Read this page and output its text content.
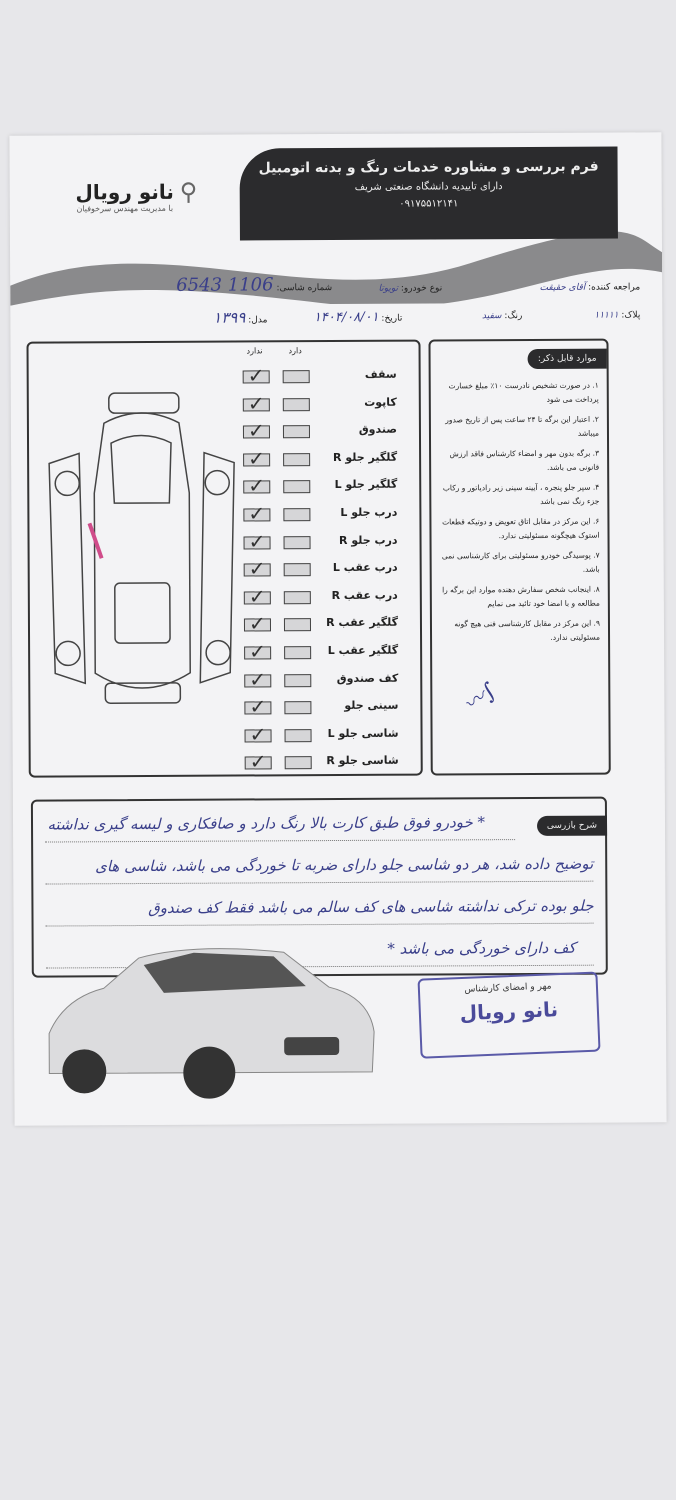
فرم بررسی و مشاوره خدمات رنگ و بدنه اتومبیل
دارای تاییدیه دانشگاه صنعتی شریف
۰۹۱۷۵۵۱۲۱۴۱
نانو رویال
با مدیریت مهندس سرخوفیان
⚲
مراجعه کننده: آقای حقیقت
نوع خودرو: تویوتا
شماره شاسی: 1106 6543
پلاک: ۱۱۱۱۱
رنگ: سفید
تاریخ: ۱۴۰۴/۰۸/۰۱
مدل: ۱۳۹۹
ندارد	دارد
✓	سقف
✓	کاپوت
✓	صندوق
✓	گلگیر جلو R
✓	گلگیر جلو L
✓	درب جلو L
✓	درب جلو R
✓	درب عقب L
✓	درب عقب R
✓	گلگیر عقب R
✓	گلگیر عقب L
✓	کف صندوق
✓	سینی جلو
✓	شاسی جلو L
✓	شاسی جلو R
موارد قابل ذکر:
۱. در صورت تشخیص نادرست ۱۰٪ مبلغ خسارت پرداخت می شود
۲. اعتبار این برگه تا ۲۴ ساعت پس از تاریخ صدور میباشد
۳. برگه بدون مهر و امضاء کارشناس فاقد ارزش قانونی می باشد.
۴. سپر جلو پنجره ، آیینه سینی زیر رادیاتور و رکاب جزء رنگ نمی باشد
۶. این مرکز در مقابل اتاق تعویض و دوتیکه قطعات استوک هیچگونه مسئولیتی ندارد.
۷. پوسیدگی خودرو مسئولیتی برای کارشناسی نمی باشد.
۸. اینجانب شخص سفارش دهنده موارد این برگه را مطالعه و با امضا خود تائید می نمایم
۹. این مرکز در مقابل کارشناسی فنی هیچ گونه مسئولیتی ندارد.
〰∫
شرح بازرسی
* خودرو فوق طبق کارت بالا رنگ دارد و صافکاری و لیسه گیری نداشته
توضیح داده شد، هر دو شاسی جلو دارای ضربه تا خوردگی می باشد، شاسی های
جلو بوده ترکی نداشته شاسی های کف سالم می باشد فقط کف صندوق
کف دارای خوردگی می باشد *
مهر و امضای کارشناس
نانو رویال
